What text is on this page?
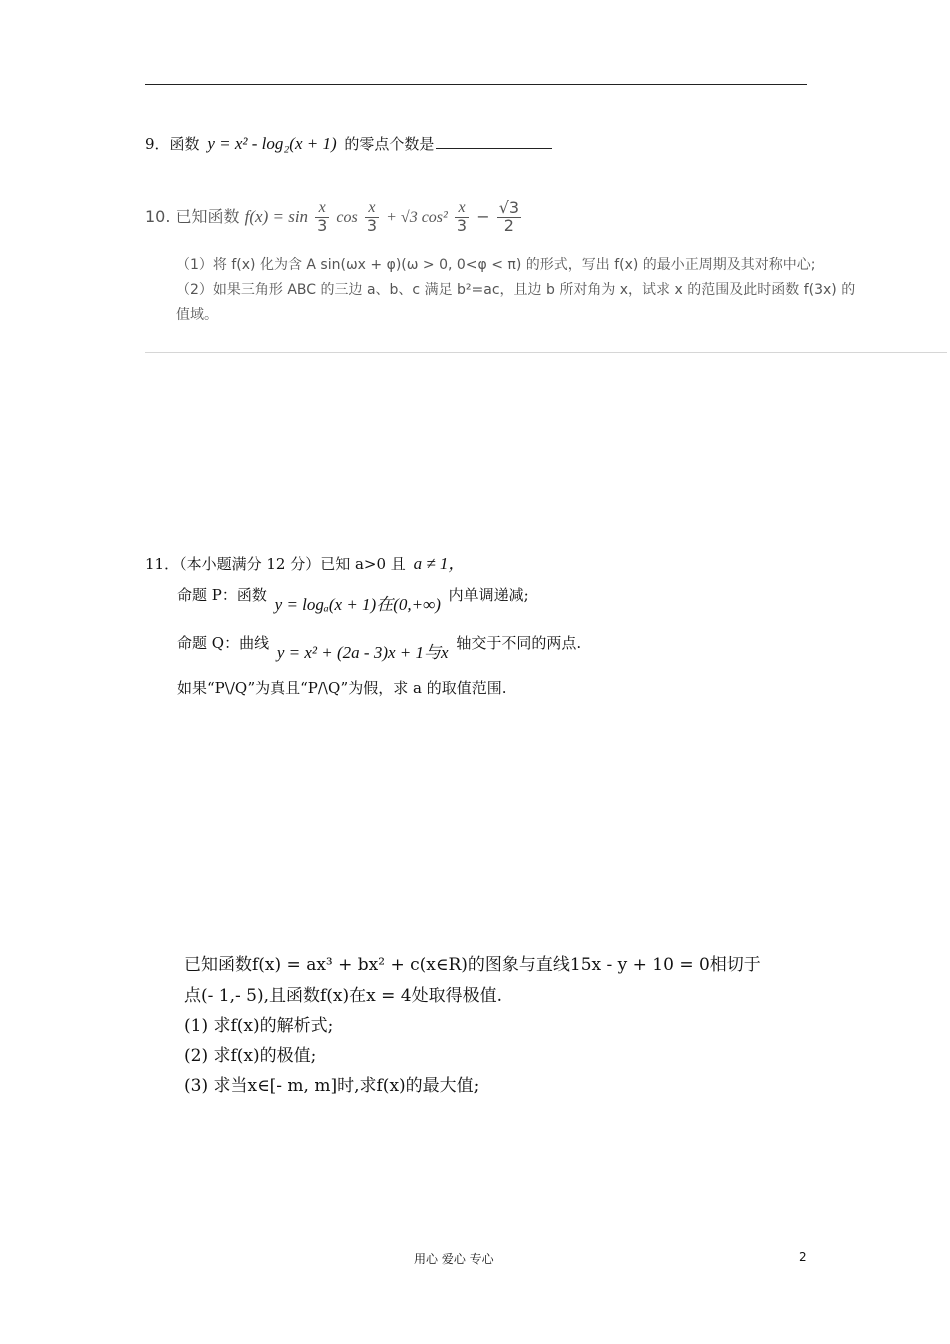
9．函数 y = x² - log₂(x + 1) 的零点个数是
10. 已知函数 $f(x) = \sin \frac{x}{3}$ $\cos \frac{x}{3} + √3$ $\cos^2 \frac{x}{3} - \frac{√3}{2}$
（1）将 f(x) 化为含 A sin(ωx + φ)(ω > 0, 0<φ < π) 的形式，写出 f(x) 的最小正周期及其对称中心;
（2）如果三角形 ABC 的三边 a、b、c 满足 b²=ac，且边 b 所对角为 x，试求 x 的范围及此时函数 f(3x) 的
值域。
11．（本小题满分 12 分）已知 a>0 且 a ≠ 1，
命题 P：函数 y = logₐ(x + 1)在(0,+∞) 内单调递减;
命题 Q：曲线 y = x² + (2a - 3)x + 1与x 轴交于不同的两点.
如果“P\/Q”为真且“P/\Q”为假，求 a 的取值范围.
已知函数f(x) = ax³ + bx² + c(x∈R)的图象与直线15x - y + 10 = 0相切于
点(- 1,- 5),且函数f(x)在x = 4处取得极值.
(1) 求f(x)的解析式;
(2) 求f(x)的极值;
(3) 求当x∈[- m, m]时,求f(x)的最大值;
用心 爱心 专心	2
